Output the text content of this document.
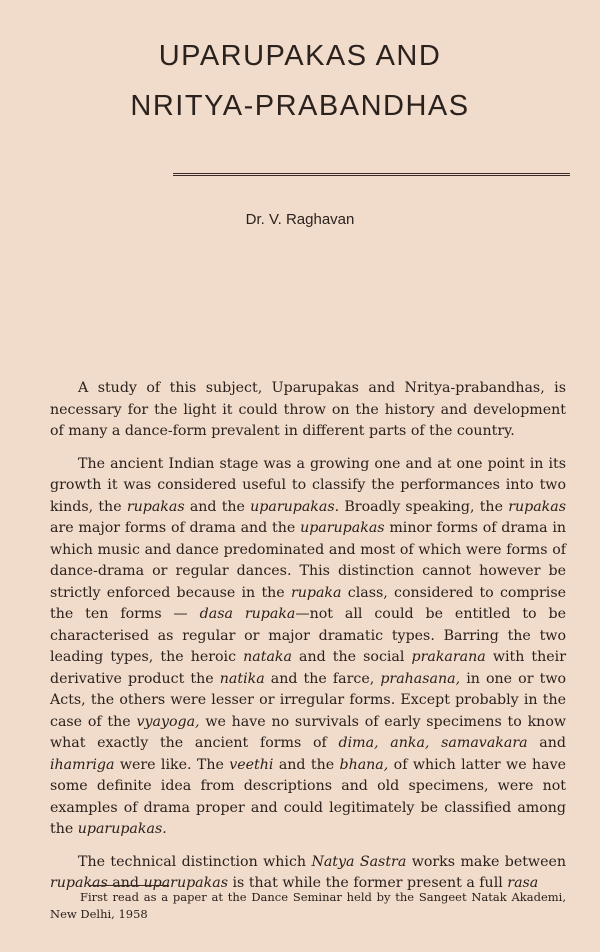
UPARUPAKAS AND
NRITYA-PRABANDHAS

Dr. V. Raghavan

A study of this subject, Uparupakas and Nritya-prabandhas, is necessary for the light it could throw on the history and development of many a dance-form prevalent in different parts of the country.

The ancient Indian stage was a growing one and at one point in its growth it was considered useful to classify the performances into two kinds, the rupakas and the uparupakas. Broadly speaking, the rupakas are major forms of drama and the uparupakas minor forms of drama in which music and dance predominated and most of which were forms of dance-drama or regular dances. This distinction cannot however be strictly enforced because in the rupaka class, considered to comprise the ten forms — dasa rupaka—not all could be entitled to be characterised as regular or major dramatic types. Barring the two leading types, the heroic nataka and the social prakarana with their derivative product the natika and the farce, prahasana, in one or two Acts, the others were lesser or irregular forms. Except probably in the case of the vyayoga, we have no survivals of early specimens to know what exactly the ancient forms of dima, anka, samavakara and ihamriga were like. The veethi and the bhana, of which latter we have some definite idea from descriptions and old specimens, were not examples of drama proper and could legitimately be classified among the uparupakas.

The technical distinction which Natya Sastra works make between rupakas and uparupakas is that while the former present a full rasa

First read as a paper at the Dance Seminar held by the Sangeet Natak Akademi, New Delhi, 1958
